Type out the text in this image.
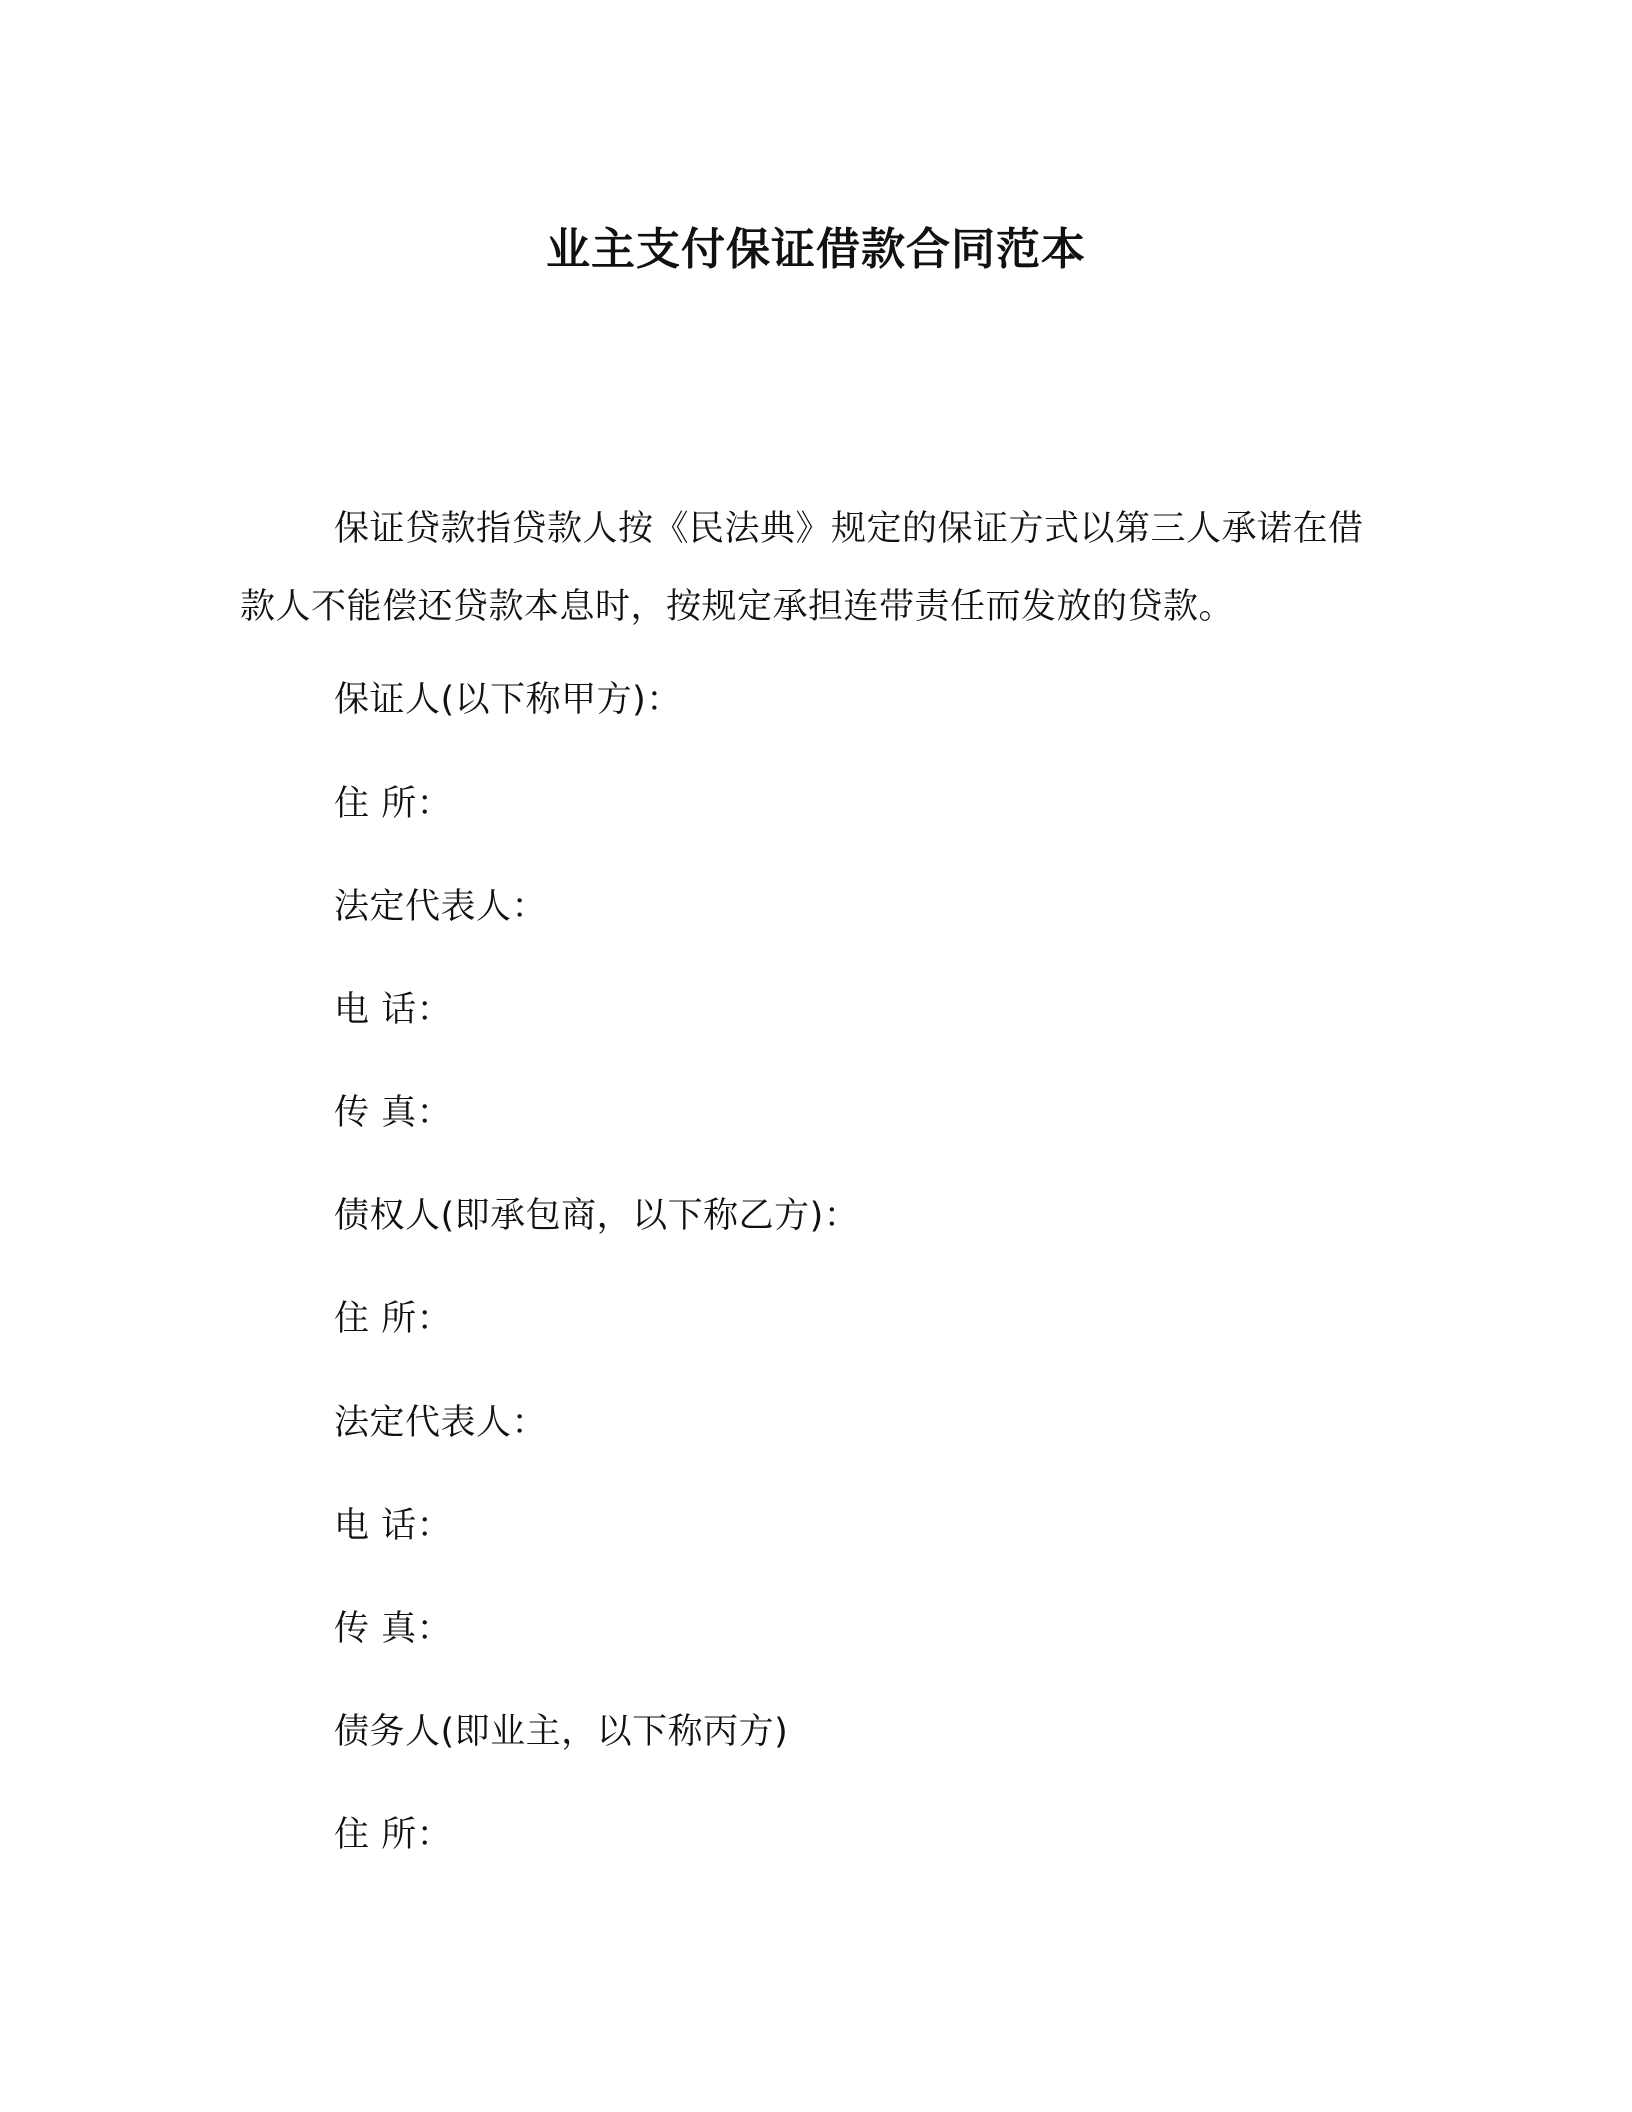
业主支付保证借款合同范本
保证贷款指贷款人按《民法典》规定的保证方式以第三人承诺在借款人不能偿还贷款本息时，按规定承担连带责任而发放的贷款。
保证人(以下称甲方)：
住 所：
法定代表人：
电 话：
传 真：
债权人(即承包商，以下称乙方)：
住 所：
法定代表人：
电 话：
传 真：
债务人(即业主，以下称丙方)
住 所：
